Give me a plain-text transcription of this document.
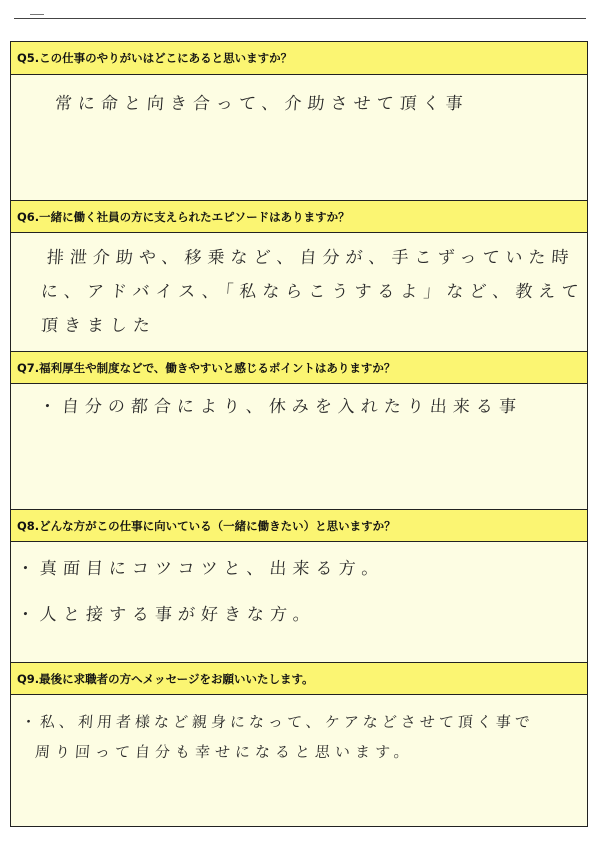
Q5.この仕事のやりがいはどこにあると思いますか？
常に命と向き合って、介助させて頂く事
Q6.一緒に働く社員の方に支えられたエピソードはありますか？
排泄介助や、移乗など、自分が、手こずっていた時
に、アドバイス、「私ならこうするよ」など、教えて
頂きました
Q7.福利厚生や制度などで、働きやすいと感じるポイントはありますか？
・自分の都合により、休みを入れたり出来る事
Q8.どんな方がこの仕事に向いている（一緒に働きたい）と思いますか？
・真面目にコツコツと、出来る方。
・人と接する事が好きな方。
Q9.最後に求職者の方へメッセージをお願いいたします。
・私、利用者様など親身になって、ケアなどさせて頂く事で
周り回って自分も幸せになると思います。
